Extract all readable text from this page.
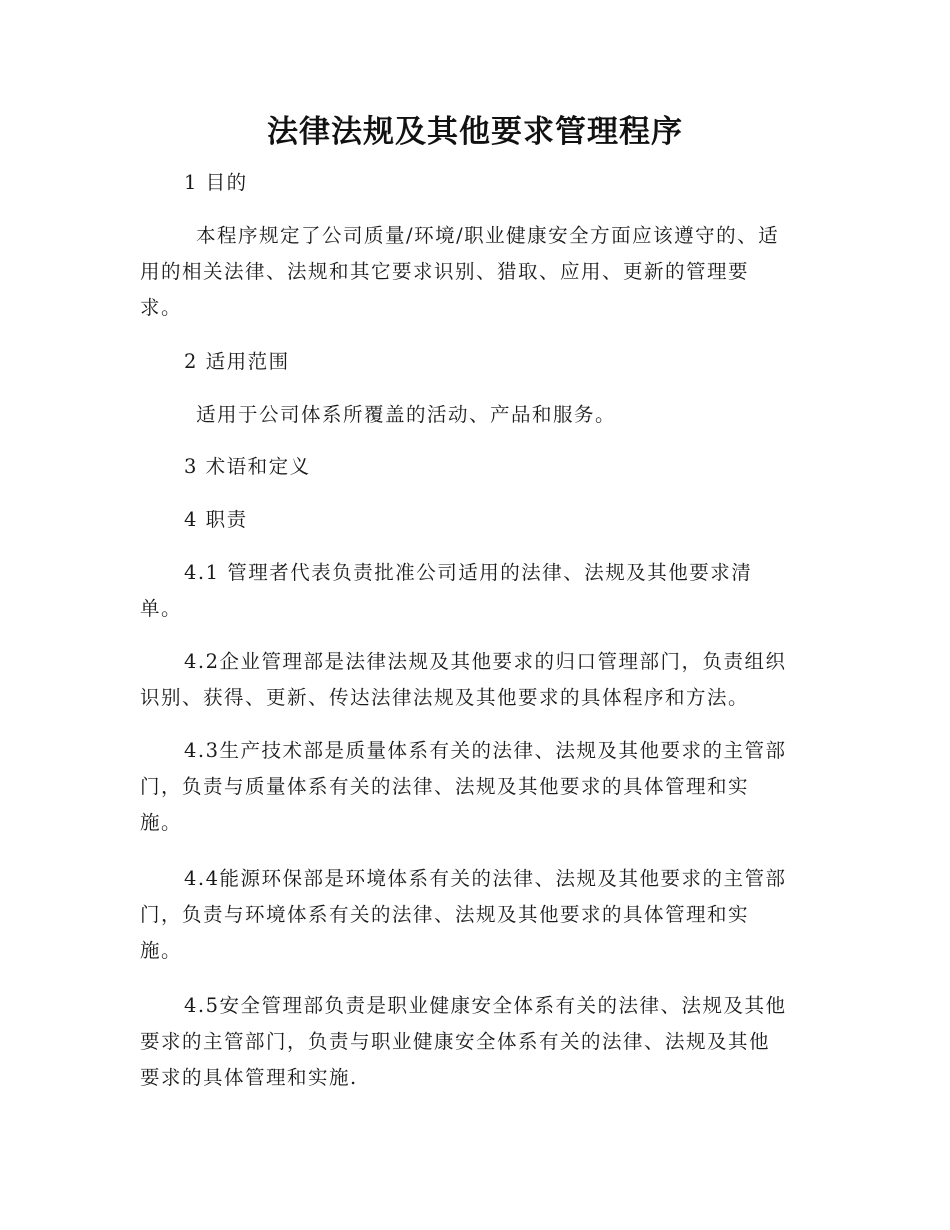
法律法规及其他要求管理程序
1 目的
本程序规定了公司质量/环境/职业健康安全方面应该遵守的、适
用的相关法律、法规和其它要求识别、猎取、应用、更新的管理要
求。
2 适用范围
适用于公司体系所覆盖的活动、产品和服务。
3 术语和定义
4 职责
4.1 管理者代表负责批准公司适用的法律、法规及其他要求清
单。
4.2企业管理部是法律法规及其他要求的归口管理部门，负责组织
识别、获得、更新、传达法律法规及其他要求的具体程序和方法。
4.3生产技术部是质量体系有关的法律、法规及其他要求的主管部
门，负责与质量体系有关的法律、法规及其他要求的具体管理和实
施。
4.4能源环保部是环境体系有关的法律、法规及其他要求的主管部
门，负责与环境体系有关的法律、法规及其他要求的具体管理和实
施。
4.5安全管理部负责是职业健康安全体系有关的法律、法规及其他
要求的主管部门，负责与职业健康安全体系有关的法律、法规及其他
要求的具体管理和实施.
